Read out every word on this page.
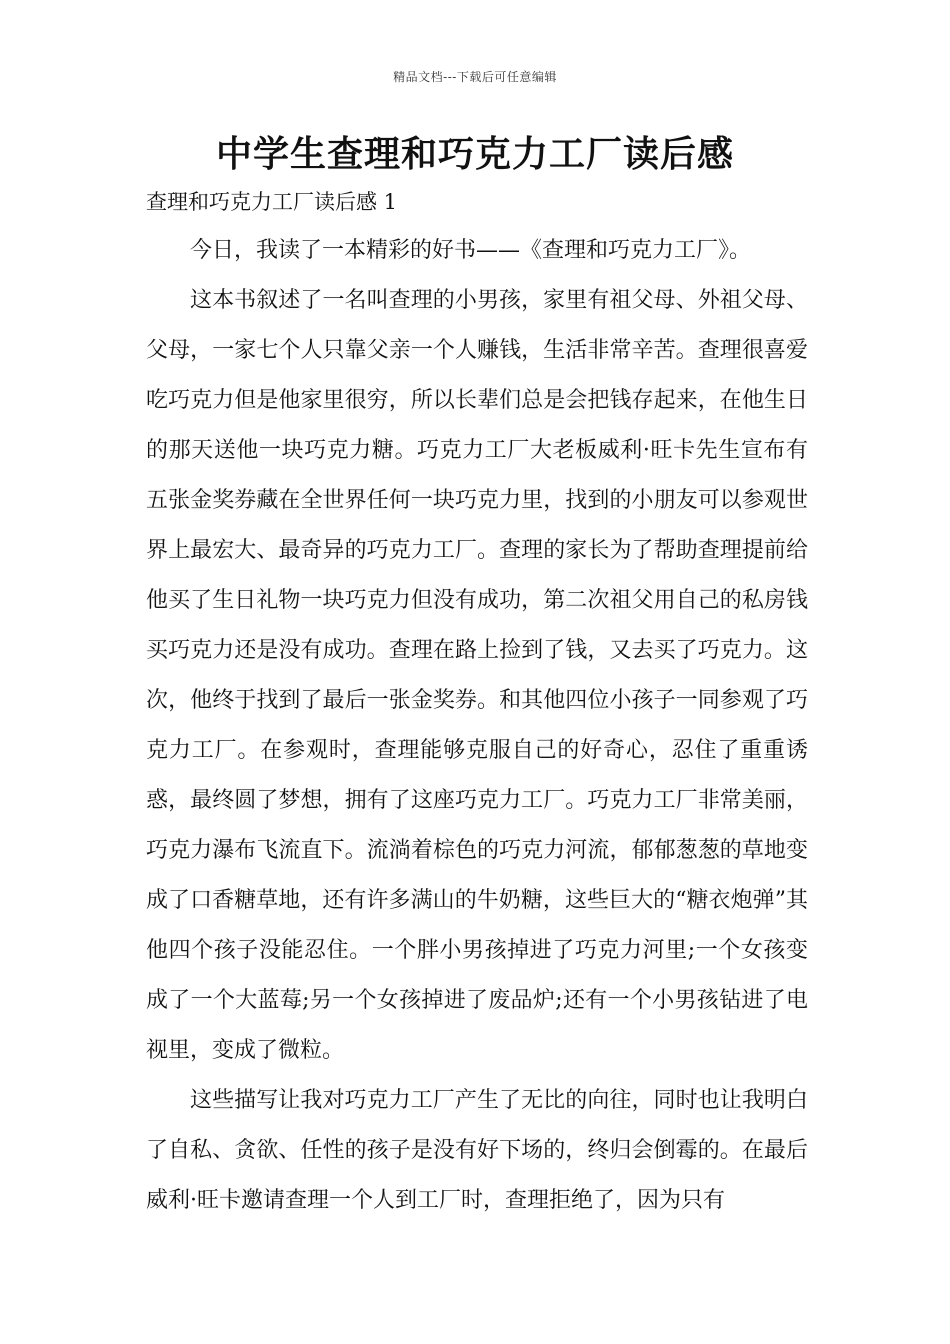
精品文档---下载后可任意编辑
中学生查理和巧克力工厂读后感
查理和巧克力工厂读后感 1

今日，我读了一本精彩的好书——《查理和巧克力工厂》。

这本书叙述了一名叫查理的小男孩，家里有祖父母、外祖父母、父母，一家七个人只靠父亲一个人赚钱，生活非常辛苦。查理很喜爱吃巧克力但是他家里很穷，所以长辈们总是会把钱存起来，在他生日的那天送他一块巧克力糖。巧克力工厂大老板威利·旺卡先生宣布有五张金奖券藏在全世界任何一块巧克力里，找到的小朋友可以参观世界上最宏大、最奇异的巧克力工厂。查理的家长为了帮助查理提前给他买了生日礼物一块巧克力但没有成功，第二次祖父用自己的私房钱买巧克力还是没有成功。查理在路上捡到了钱，又去买了巧克力。这次，他终于找到了最后一张金奖券。和其他四位小孩子一同参观了巧克力工厂。在参观时，查理能够克服自己的好奇心，忍住了重重诱惑，最终圆了梦想，拥有了这座巧克力工厂。巧克力工厂非常美丽，巧克力瀑布飞流直下。流淌着棕色的巧克力河流，郁郁葱葱的草地变成了口香糖草地，还有许多满山的牛奶糖，这些巨大的“糖衣炮弹”其他四个孩子没能忍住。一个胖小男孩掉进了巧克力河里;一个女孩变成了一个大蓝莓;另一个女孩掉进了废品炉;还有一个小男孩钻进了电视里，变成了微粒。

这些描写让我对巧克力工厂产生了无比的向往，同时也让我明白了自私、贪欲、任性的孩子是没有好下场的，终归会倒霉的。在最后威利·旺卡邀请查理一个人到工厂时，查理拒绝了，因为只有
